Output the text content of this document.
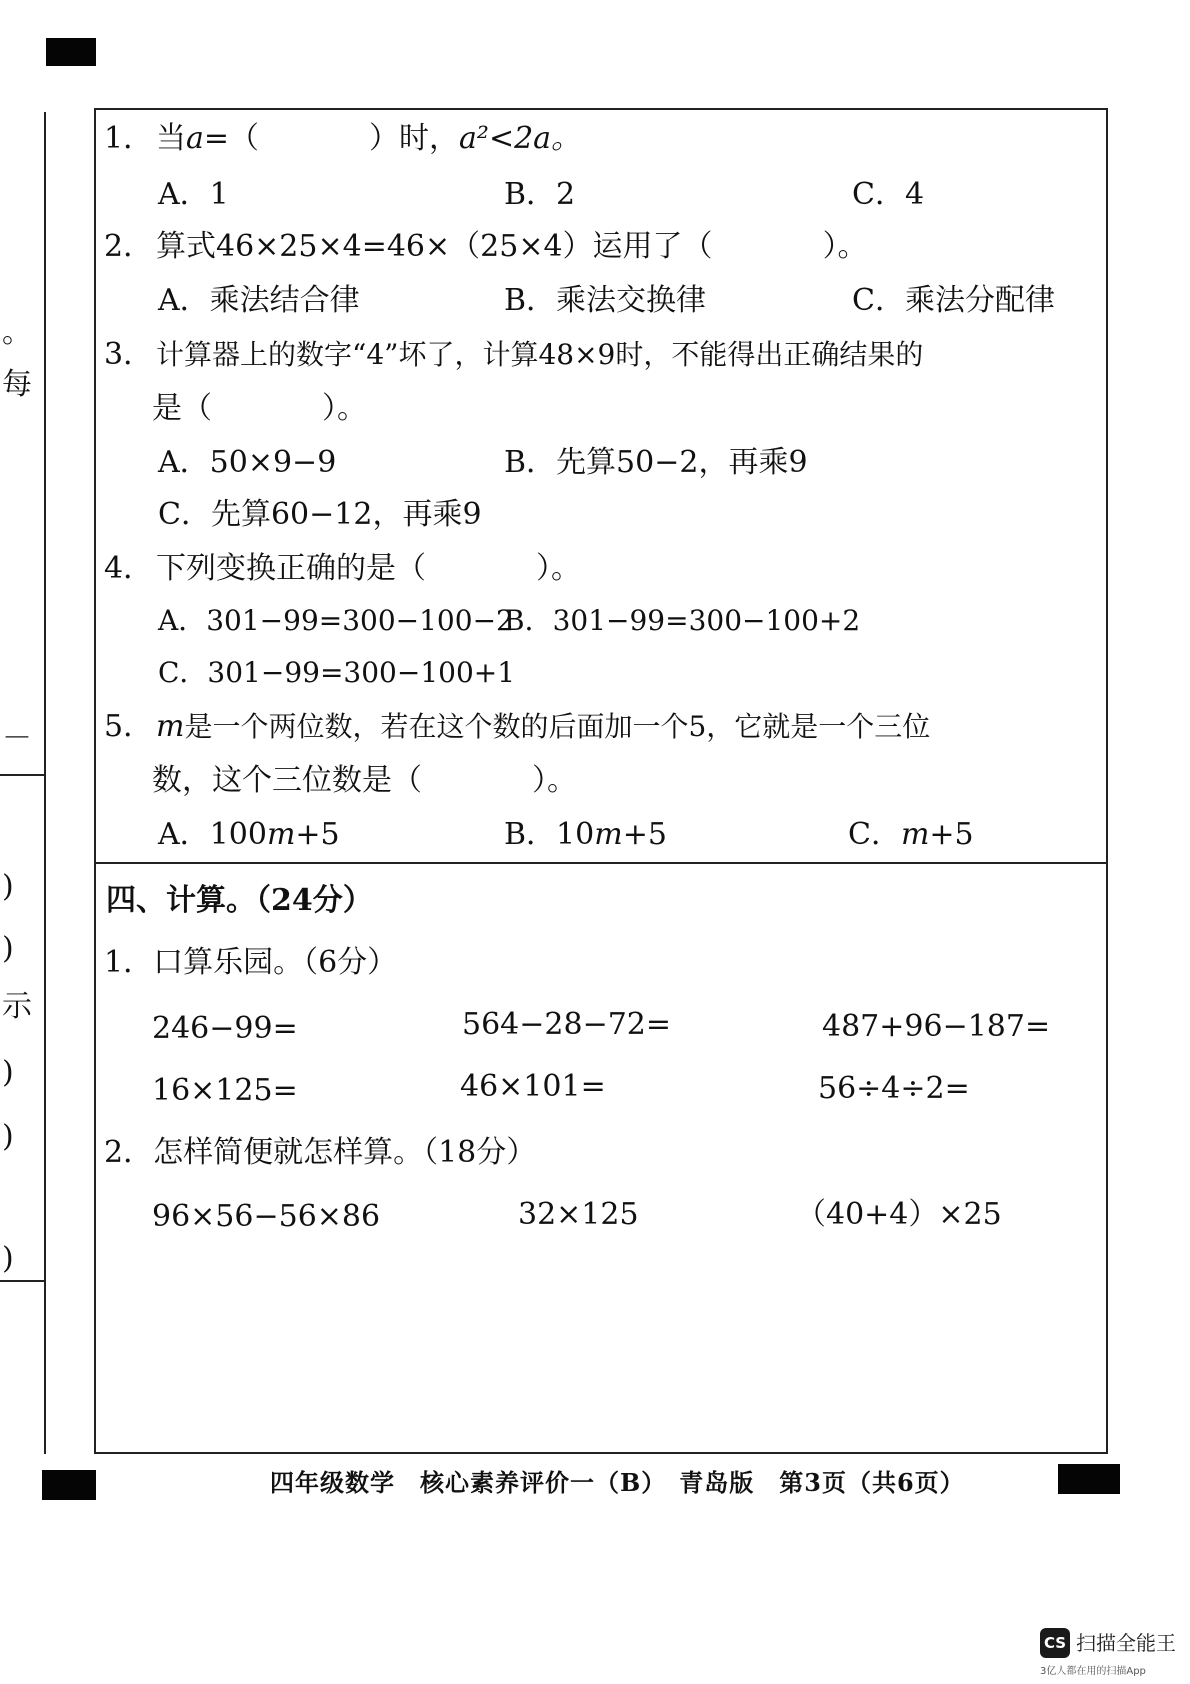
。
每
－
)
)
示
)
)
)
1．当a=（	）时，a²<2a。
A．1	B．2	C．4
2．算式46×25×4=46×（25×4）运用了（	）。
A．乘法结合律	B．乘法交换律	C．乘法分配律
3． 计算器上的数字“4”坏了，计算48×9时，不能得出正确结果的
是（	）。
A．50×9−9	B．先算50−2，再乘9
C．先算60−12，再乘9
4．下列变换正确的是（	）。
A．301−99=300−100−2
B．301−99=300−100+2
C．301−99=300−100+1
5．m是一个两位数，若在这个数的后面加一个5，它就是一个三位
数，这个三位数是（	）。
A．100m+5	B．10m+5	C．m+5
四、计算。（24分）
1．口算乐园。（6分）
246−99=	564−28−72=	487+96−187=
16×125=	46×101=	56÷4÷2=
2．怎样简便就怎样算。（18分）
96×56−56×86	32×125	（40+4）×25
四年级数学　核心素养评价一（B）　青岛版　第3页（共6页）
CS 扫描全能王
3亿人都在用的扫描App
